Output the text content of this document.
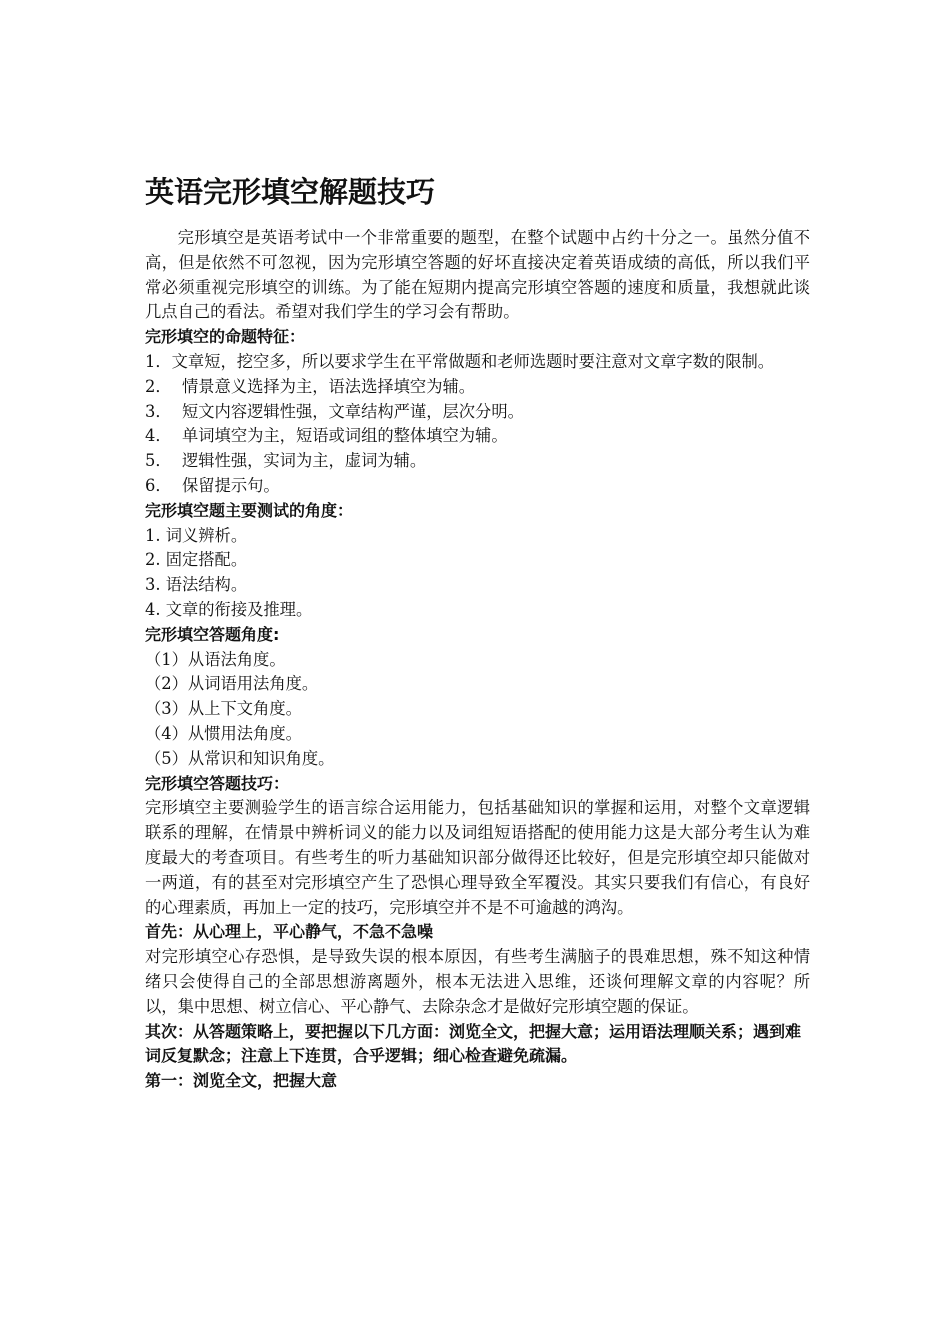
英语完形填空解题技巧

完形填空是英语考试中一个非常重要的题型，在整个试题中占约十分之一。虽然分值不高，但是依然不可忽视，因为完形填空答题的好坏直接决定着英语成绩的高低，所以我们平常必须重视完形填空的训练。为了能在短期内提高完形填空答题的速度和质量，我想就此谈几点自己的看法。希望对我们学生的学习会有帮助。

完形填空的命题特征：

1．文章短，挖空多，所以要求学生在平常做题和老师选题时要注意对文章字数的限制。

2．  情景意义选择为主，语法选择填空为辅。

3．  短文内容逻辑性强，文章结构严谨，层次分明。

4．  单词填空为主，短语或词组的整体填空为辅。

5．  逻辑性强，实词为主，虚词为辅。

6．  保留提示句。

完形填空题主要测试的角度：

1. 词义辨析。

2. 固定搭配。

3. 语法结构。

4. 文章的衔接及推理。

完形填空答题角度:

（1）从语法角度。

（2）从词语用法角度。

（3）从上下文角度。

（4）从惯用法角度。

（5）从常识和知识角度。

完形填空答题技巧：

完形填空主要测验学生的语言综合运用能力，包括基础知识的掌握和运用，对整个文章逻辑联系的理解，在情景中辨析词义的能力以及词组短语搭配的使用能力这是大部分考生认为难度最大的考查项目。有些考生的听力基础知识部分做得还比较好，但是完形填空却只能做对一两道，有的甚至对完形填空产生了恐惧心理导致全军覆没。其实只要我们有信心，有良好的心理素质，再加上一定的技巧，完形填空并不是不可逾越的鸿沟。

首先：从心理上，平心静气，不急不急噪

对完形填空心存恐惧，是导致失误的根本原因，有些考生满脑子的畏难思想，殊不知这种情绪只会使得自己的全部思想游离题外，根本无法进入思维，还谈何理解文章的内容呢？所以，集中思想、树立信心、平心静气、去除杂念才是做好完形填空题的保证。

其次：从答题策略上，要把握以下几方面：浏览全文，把握大意；运用语法理顺关系；遇到难词反复默念；注意上下连贯，合乎逻辑；细心检查避免疏漏。

第一：浏览全文，把握大意
